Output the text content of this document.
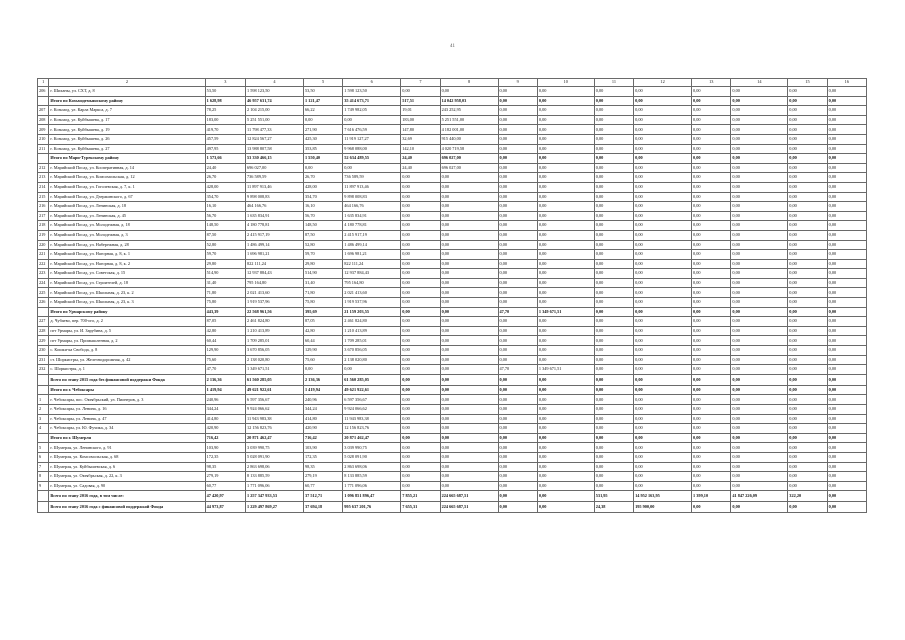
41
1	2	3	4	5	6	7	8	9	10	11	12	13	14	15	16
206	г. Шиханы, ул. СХТ, д. 8	53,50	1 598 123,50	53,50	1 598 123,50	0,00	0,00	0,00	0,00	0,00	0,00	0,00	0,00	0,00	0,00
	Итого по Козьмодемьянскому району	1 628,98	46 957 631,74	1 121,47	35 414 673,71	517,51	14 042 958,03	0,00	0,00	0,00	0,00	0,00	0,00	0,00	0,00
207	г. Козьмод, ул. Карла Маркса, д. 7	78,25	2 104 215,00	66,22	1 749 982,05	19,01	243 252,95	0,00	0,00	0,00	0,00	0,00	0,00	0,00	0,00
208	г. Козьмод, ул. Куйбышева, д. 17	183,00	5 251 551,00	0,00	0,00	183,00	5 251 551,00	0,00	0,00	0,00	0,00	0,00	0,00	0,00	0,00
209	г. Козьмод, ул. Куйбышева, д. 19	419,70	11 798 477,33	271,90	7 616 476,59	147,80	4 182 001,00	0,00	0,00	0,00	0,00	0,00	0,00	0,00	0,00
210	г. Козьмод, ул. Куйбышева, д. 26	457,59	12 824 567,27	425,30	11 919 127,27	32,69	915 440,00	0,00	0,00	0,00	0,00	0,00	0,00	0,00	0,00
211	г. Козьмод, ул. Куйбышева, д. 27	497,95	13 988 807,58	353,85	9 968 088,00	142,10	4 020 719,58	0,00	0,00	0,00	0,00	0,00	0,00	0,00	0,00
	Итого по Мари-Турекскому району	1 573,66	53 330 466,15	1 550,40	52 634 489,55	24,40	696 027,00	0,00	0,00	0,00	0,00	0,00	0,00	0,00	0,00
212	г. Марийский Посад, ул. Кооперативная, д. 14	24,40	696 027,00	0,00	0,00	24,40	696 027,00	0,00	0,00	0,00	0,00	0,00	0,00	0,00	0,00
213	г. Марийский Посад, ул. Комсомольская, д. 12	26,70	736 589,59	26,70	736 589,59	0,00	0,00	0,00	0,00	0,00	0,00	0,00	0,00	0,00	0,00
214	г. Марийский Посад, ул. Гоголевская, д. 7, к. 1	428,00	11 897 913,46	428,00	11 897 913,46	0,00	0,00	0,00	0,00	0,00	0,00	0,00	0,00	0,00	0,00
215	г. Марийский Посад, ул. Дзержинского, д. 67	354,70	9 898 008,83	354,70	9 898 008,83	0,00	0,00	0,00	0,00	0,00	0,00	0,00	0,00	0,00	0,00
216	г. Марийский Посад, ул. Ленинская, д. 18	16,10	464 166,76	16,10	464 166,76	0,00	0,00	0,00	0,00	0,00	0,00	0,00	0,00	0,00	0,00
217	г. Марийский Посад, ул. Ленинская, д. 45	56,70	1 635 834,91	56,70	1 635 834,91	0,00	0,00	0,00	0,00	0,00	0,00	0,00	0,00	0,00	0,00
218	г. Марийский Посад, ул. Молодежная, д. 18	148,50	4 180 778,81	148,50	4 180 778,81	0,00	0,00	0,00	0,00	0,00	0,00	0,00	0,00	0,00	0,00
219	г. Марийский Посад, ул. Молодежная, д. 3	87,50	2 415 917,19	87,50	2 415 917,19	0,00	0,00	0,00	0,00	0,00	0,00	0,00	0,00	0,00	0,00
220	г. Марийский Посад, ул. Набережная, д. 28	52,80	1 486 499,14	52,80	1 486 499,14	0,00	0,00	0,00	0,00	0,00	0,00	0,00	0,00	0,00	0,00
221	г. Марийский Посад, ул. Нагорная, д. 8, к. 1	59,70	1 696 981,21	59,70	1 696 981,21	0,00	0,00	0,00	0,00	0,00	0,00	0,00	0,00	0,00	0,00
222	г. Марийский Посад, ул. Нагорная, д. 8, к. 2	29,80	822 111,24	29,80	822 111,24	0,00	0,00	0,00	0,00	0,00	0,00	0,00	0,00	0,00	0,00
223	г. Марийский Посад, ул. Советская, д. 15	514,90	12 937 884,43	514,90	12 937 884,43	0,00	0,00	0,00	0,00	0,00	0,00	0,00	0,00	0,00	0,00
224	г. Марийский Посад, ул. Строителей, д. 18	31,40	795 164,80	31,40	795 164,80	0,00	0,00	0,00	0,00	0,00	0,00	0,00	0,00	0,00	0,00
225	г. Марийский Посад, ул. Школьная, д. 23, к. 2	71,80	2 021 413,60	71,80	2 021 413,60	0,00	0,00	0,00	0,00	0,00	0,00	0,00	0,00	0,00	0,00
226	г. Марийский Посад, ул. Школьная, д. 23, к. 3	75,80	1 919 537,96	75,80	1 919 537,96	0,00	0,00	0,00	0,00	0,00	0,00	0,00	0,00	0,00	0,00
	Итого по Урмарскому району	443,39	22 568 961,56	395,69	21 159 203,55	0,00	0,00	47,70	1 349 671,51	0,00	0,00	0,00	0,00	0,00	0,00
227	д. Чубаево, пер. 700-ого, д. 2	87,05	2 461 824,80	87,05	2 461 824,80	0,00	0,00	0,00	0,00	0,00	0,00	0,00	0,00	0,00	0,00
228	пгт Урмары, ул. И. Зарубина, д. 5	42,80	1 210 413,89	42,80	1 210 413,89	0,00	0,00	0,00	0,00	0,00	0,00	0,00	0,00	0,00	0,00
229	пгт Урмары, ул. Промышленная, д. 2	60,44	1 709 285,01	60,44	1 709 285,01	0,00	0,00	0,00	0,00	0,00	0,00	0,00	0,00	0,00	0,00
230	с. Кошки-ка Свобода, д. 8	129,90	3 670 856,05	129,90	3 670 856,05	0,00	0,00	0,00	0,00	0,00	0,00	0,00	0,00	0,00	0,00
231	ст. Шоркистры, ул. Железнодорожная, д. 42	75,60	2 138 020,80	75,60	2 138 020,80	0,00	0,00	0,00	0,00	0,00	0,00	0,00	0,00	0,00	0,00
232	с. Шоркистры, д. 1	47,70	1 349 671,51	0,00	0,00	0,00	0,00	47,70	1 349 671,51	0,00	0,00	0,00	0,00	0,00	0,00
	Всего по этапу 2015 года без финансовой поддержки Фонда	2 136,36	61 560 285,05	2 136,36	61 560 285,05	0,00	0,00	0,00	0,00	0,00	0,00	0,00	0,00	0,00	0,00
	Итого по г. Чебоксары	1 419,94	49 621 922,61	1 419,94	49 621 922,61	0,00	0,00	0,00	0,00	0,00	0,00	0,00	0,00	0,00	0,00
1	г. Чебоксары, пос. Октябрьский, ул. Пионеров, д. 3	240,96	6 597 356,67	240,96	6 597 356,67	0,00	0,00	0,00	0,00	0,00	0,00	0,00	0,00	0,00	0,00
2	г. Чебоксары, ул. Ленина, д. 16	344,24	9 924 066,62	344,24	9 924 066,62	0,00	0,00	0,00	0,00	0,00	0,00	0,00	0,00	0,00	0,00
3	г. Чебоксары, ул. Ленина, д. 47	414,80	11 943 983,38	414,80	11 943 983,38	0,00	0,00	0,00	0,00	0,00	0,00	0,00	0,00	0,00	0,00
4	г. Чебоксары, ул. Ю. Фучика, д. 34	420,90	12 156 823,76	420,90	12 156 823,76	0,00	0,00	0,00	0,00	0,00	0,00	0,00	0,00	0,00	0,00
	Итого по г. Шумерля	716,42	20 871 462,47	716,42	20 871 462,47	0,00	0,00	0,00	0,00	0,00	0,00	0,00	0,00	0,00	0,00
5	г. Шумерля, ул. Ленинского, д. 91	103,90	3 039 990,75	103,90	3 039 990,75	0,00	0,00	0,00	0,00	0,00	0,00	0,00	0,00	0,00	0,00
6	г. Шумерля, ул. Комсомольская, д. 68	172,35	5 028 091,90	172,35	5 028 091,90	0,00	0,00	0,00	0,00	0,00	0,00	0,00	0,00	0,00	0,00
7	г. Шумерля, ул. Куйбышевская, д. 6	98,35	2 863 698,06	98,35	2 863 698,06	0,00	0,00	0,00	0,00	0,00	0,00	0,00	0,00	0,00	0,00
8	г. Шумерля, ул. Октябрьская, д. 22, к. 3	279,19	8 133 885,59	279,19	8 133 885,59	0,00	0,00	0,00	0,00	0,00	0,00	0,00	0,00	0,00	0,00
9	г. Шумерля, ул. Садовая, д. 90	60,77	1 771 096,06	60,77	1 771 096,06	0,00	0,00	0,00	0,00	0,00	0,00	0,00	0,00	0,00	0,00
	Всего по этапу 2016 года, в том числе:	47 420,97	1 257 347 933,53	37 512,71	1 096 851 896,47	7 855,21	224 665 687,51	0,00	0,00	531,95	14 952 163,95	1 399,10	41 847 226,09	322,20	0,00
	Всего по этапу 2016 года с финансовой поддержкой Фонда	44 973,87	1 229 497 869,27	37 694,18	995 637 201,76	7 655,31	224 665 687,51	0,00	0,00	24,38	195 900,00	0,00	0,00	0,00	0,00
